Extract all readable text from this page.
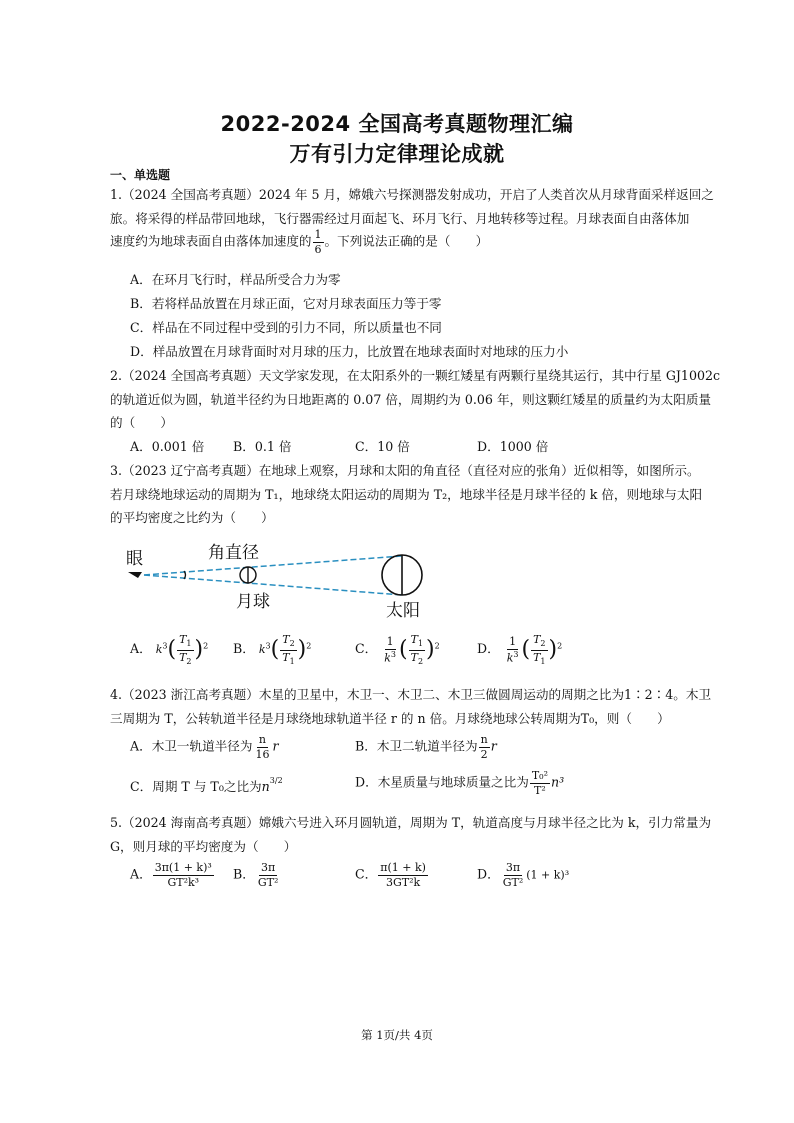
2022-2024 全国高考真题物理汇编
万有引力定律理论成就
一、单选题
1.（2024 全国高考真题）2024 年 5 月，嫦娥六号探测器发射成功，开启了人类首次从月球背面采样返回之
旅。将采得的样品带回地球，飞行器需经过月面起飞、环月飞行、月地转移等过程。月球表面自由落体加
速度约为地球表面自由落体加速度的 $\frac{1}{6}$ 。下列说法正确的是（　　）
A．在环月飞行时，样品所受合力为零
B．若将样品放置在月球正面，它对月球表面压力等于零
C．样品在不同过程中受到的引力不同，所以质量也不同
D．样品放置在月球背面时对月球的压力，比放置在地球表面时对地球的压力小
2.（2024 全国高考真题）天文学家发现，在太阳系外的一颗红矮星有两颗行星绕其运行，其中行星 GJ1002c
的轨道近似为圆，轨道半径约为日地距离的 0.07 倍，周期约为 0.06 年，则这颗红矮星的质量约为太阳质量
的（　　）
A．0.001 倍 B．0.1 倍	C．10 倍	D．1000 倍
3.（2023 辽宁高考真题）在地球上观察，月球和太阳的角直径（直径对应的张角）近似相等，如图所示。
若月球绕地球运动的周期为 T₁，地球绕太阳运动的周期为 T₂，地球半径是月球半径的 k 倍，则地球与太阳
的平均密度之比约为（　　）
眼	角直径
月球	太阳
A． $k^3( \frac{T_1}{T_2} )^2$ B． $k^3( \frac{T_2}{T_1} )^2$	C． $\frac{1}{k^3}$ ( $\frac{T_1}{T_2} )^2$	D． $\frac{1}{k^3}$ ( $\frac{T_2}{T_1} )^2$
4.（2023 浙江高考真题）木星的卫星中，木卫一、木卫二、木卫三做圆周运动的周期之比为1∶2∶4。木卫
三周期为 T，公转轨道半径是月球绕地球轨道半径 r 的 n 倍。月球绕地球公转周期为T₀，则（　　）
A．木卫一轨道半径为 $\frac{n}{16}$ r	B．木卫二轨道半径为 $\frac{n}{2}$ r
C．周期 T 与 T₀之比为$n^{3/2}$	D．木星质量与地球质量之比为 $\frac{\text{T₀²}}{\text{T²}} n^3$
5.（2024 海南高考真题）嫦娥六号进入环月圆轨道，周期为 T，轨道高度与月球半径之比为 k，引力常量为
G，则月球的平均密度为（　　）
A． $\frac{\text{3π(1 + k)³}}{\text{GT²k³}}$ B． $\frac{3\pi}{\text{GT²}}$	C． $\frac{\pi(1 + k)}{\text{3GT²k}}$	D． $\frac{3\pi}{\text{GT²}} (1 + k)^3$
第 1页/共 4页
